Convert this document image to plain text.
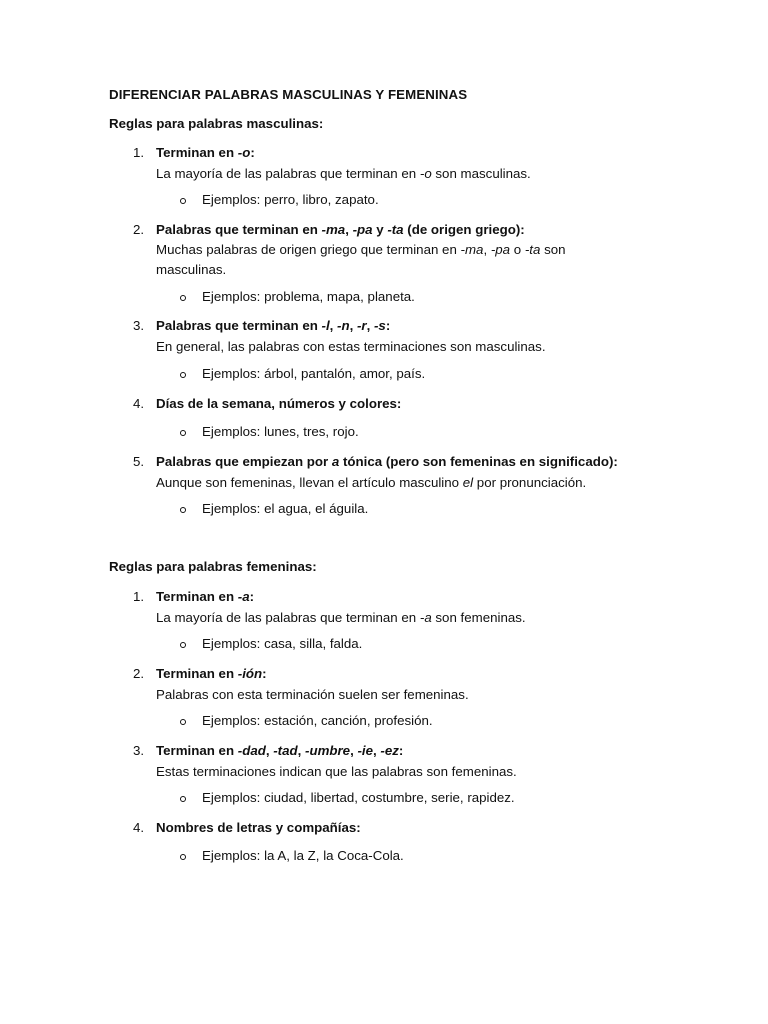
DIFERENCIAR PALABRAS MASCULINAS Y FEMENINAS
Reglas para palabras masculinas:
1. Terminan en -o:
La mayoría de las palabras que terminan en -o son masculinas.
Ejemplos: perro, libro, zapato.
2. Palabras que terminan en -ma, -pa y -ta (de origen griego):
Muchas palabras de origen griego que terminan en -ma, -pa o -ta son masculinas.
Ejemplos: problema, mapa, planeta.
3. Palabras que terminan en -l, -n, -r, -s:
En general, las palabras con estas terminaciones son masculinas.
Ejemplos: árbol, pantalón, amor, país.
4. Días de la semana, números y colores:
Ejemplos: lunes, tres, rojo.
5. Palabras que empiezan por a tónica (pero son femeninas en significado):
Aunque son femeninas, llevan el artículo masculino el por pronunciación.
Ejemplos: el agua, el águila.
Reglas para palabras femeninas:
1. Terminan en -a:
La mayoría de las palabras que terminan en -a son femeninas.
Ejemplos: casa, silla, falda.
2. Terminan en -ión:
Palabras con esta terminación suelen ser femeninas.
Ejemplos: estación, canción, profesión.
3. Terminan en -dad, -tad, -umbre, -ie, -ez:
Estas terminaciones indican que las palabras son femeninas.
Ejemplos: ciudad, libertad, costumbre, serie, rapidez.
4. Nombres de letras y compañías:
Ejemplos: la A, la Z, la Coca-Cola.
